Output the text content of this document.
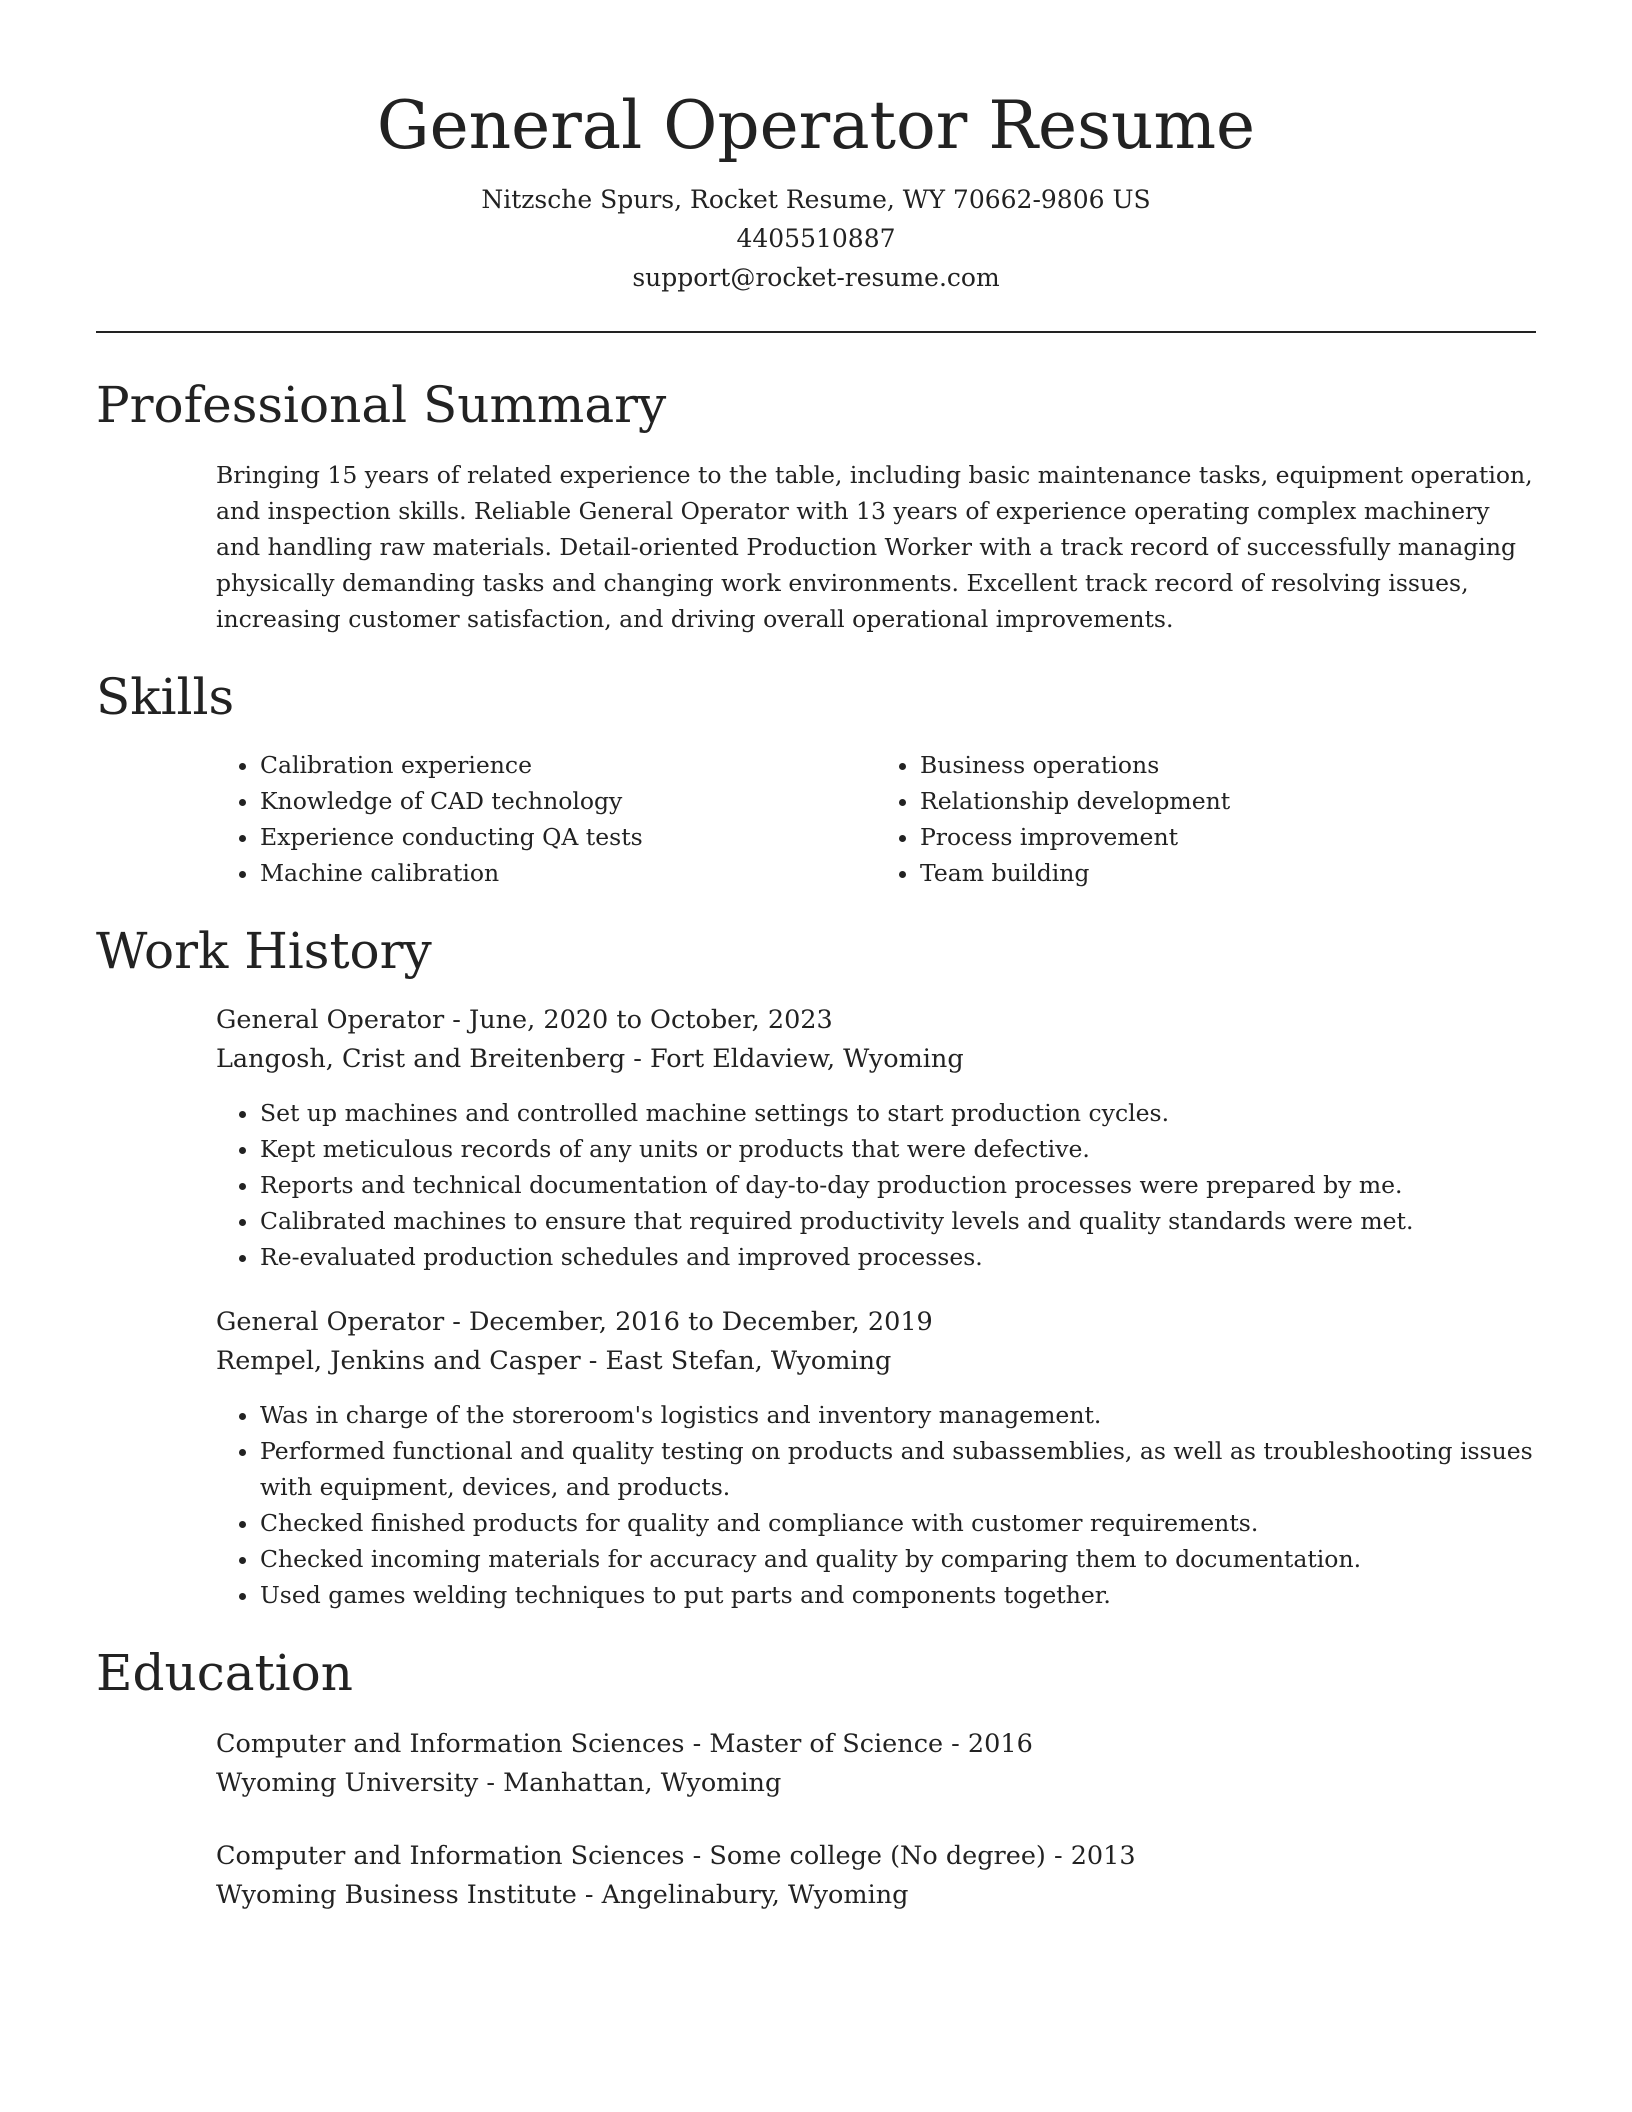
General Operator Resume
Nitzsche Spurs, Rocket Resume, WY 70662-9806 US
4405510887
support@rocket-resume.com
Professional Summary

Bringing 15 years of related experience to the table, including basic maintenance tasks, equipment operation, and inspection skills. Reliable General Operator with 13 years of experience operating complex machinery and handling raw materials. Detail-oriented Production Worker with a track record of successfully managing physically demanding tasks and changing work environments. Excellent track record of resolving issues, increasing customer satisfaction, and driving overall operational improvements.

Skills
• Calibration experience
• Knowledge of CAD technology
• Experience conducting QA tests
• Machine calibration
• Business operations
• Relationship development
• Process improvement
• Team building
Work History
General Operator - June, 2020 to October, 2023
Langosh, Crist and Breitenberg - Fort Eldaview, Wyoming
• Set up machines and controlled machine settings to start production cycles.
• Kept meticulous records of any units or products that were defective.
• Reports and technical documentation of day-to-day production processes were prepared by me.
• Calibrated machines to ensure that required productivity levels and quality standards were met.
• Re-evaluated production schedules and improved processes.
General Operator - December, 2016 to December, 2019
Rempel, Jenkins and Casper - East Stefan, Wyoming
• Was in charge of the storeroom's logistics and inventory management.
• Performed functional and quality testing on products and subassemblies, as well as troubleshooting issues with equipment, devices, and products.
• Checked finished products for quality and compliance with customer requirements.
• Checked incoming materials for accuracy and quality by comparing them to documentation.
• Used games welding techniques to put parts and components together.
Education
Computer and Information Sciences - Master of Science - 2016
Wyoming University - Manhattan, Wyoming
Computer and Information Sciences - Some college (No degree) - 2013
Wyoming Business Institute - Angelinabury, Wyoming
